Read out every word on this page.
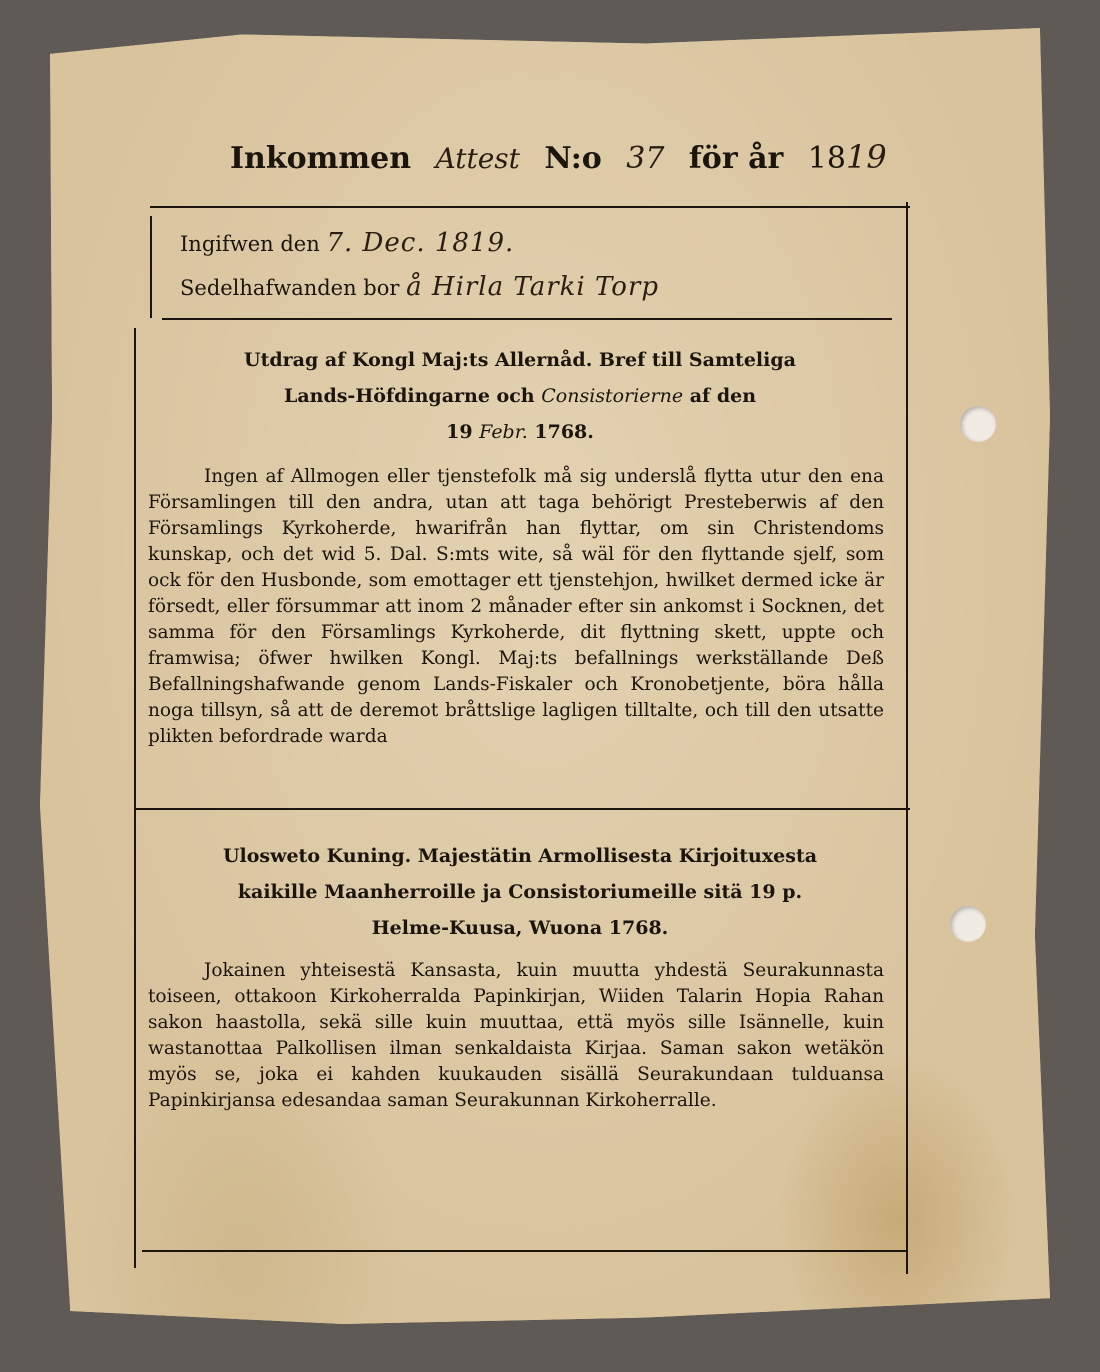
Inkommen Attest N:o 37 för år 1819
Ingifwen den 7. Dec. 1819.
Sedelhafwanden bor å Hirla Tarki Torp
Utdrag af Kongl Maj:ts Allernåd. Bref till Samteliga
Lands-Höfdingarne och Consistorierne af den
19 Febr. 1768.

Ingen af Allmogen eller tjenstefolk må sig underslå flytta utur den ena Församlingen till den andra, utan att taga behörigt Presteberwis af den Församlings Kyrkoherde, hwarifrån han flyttar, om sin Christendoms kunskap, och det wid 5. Dal. S:mts wite, så wäl för den flyttande sjelf, som ock för den Husbonde, som emottager ett tjenstehjon, hwilket dermed icke är försedt, eller försummar att inom 2 månader efter sin ankomst i Socknen, det samma för den Församlings Kyrkoherde, dit flyttning skett, uppte och framwisa; öfwer hwilken Kongl. Maj:ts befallnings werkställande Deß Befallningshafwande genom Lands-Fiskaler och Kronobetjente, böra hålla noga tillsyn, så att de deremot bråttslige lagligen tilltalte, och till den utsatte plikten befordrade warda

Ulosweto Kuning. Majestätin Armollisesta Kirjoituxesta
kaikille Maanherroille ja Consistoriumeille sitä 19 p.
Helme-Kuusa, Wuona 1768.

Jokainen yhteisestä Kansasta, kuin muutta yhdestä Seurakunnasta toiseen, ottakoon Kirkoherralda Papinkirjan, Wiiden Talarin Hopia Rahan sakon haastolla, sekä sille kuin muuttaa, että myös sille Isännelle, kuin wastanottaa Palkollisen ilman senkaldaista Kirjaa. Saman sakon wetäkön myös se, joka ei kahden kuukauden sisällä Seurakundaan tulduansa Papinkirjansa edesandaa saman Seurakunnan Kirkoherralle.
